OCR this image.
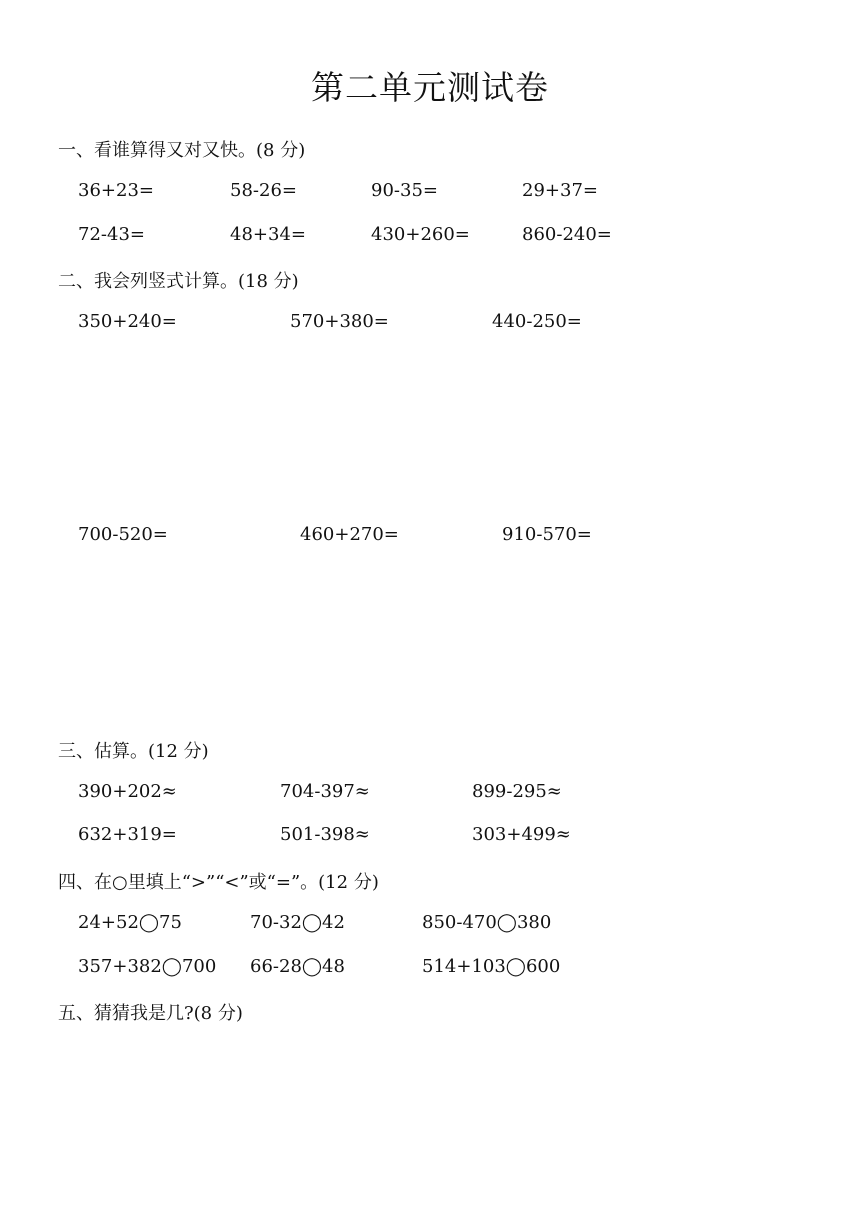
第二单元测试卷
一、看谁算得又对又快。(8 分)
36+23=	58-26=	90-35=	29+37=
72-43=	48+34=	430+260=	860-240=
二、我会列竖式计算。(18 分)
350+240=	570+380=	440-250=
700-520=	460+270=	910-570=
三、估算。(12 分)
390+202≈	704-397≈	899-295≈
632+319=	501-398≈	303+499≈
四、在○里填上“>”“<”或“=”。(12 分)
24+52◯75	70-32◯42	850-470◯380
357+382◯700 66-28◯48	514+103◯600
五、猜猜我是几?(8 分)
